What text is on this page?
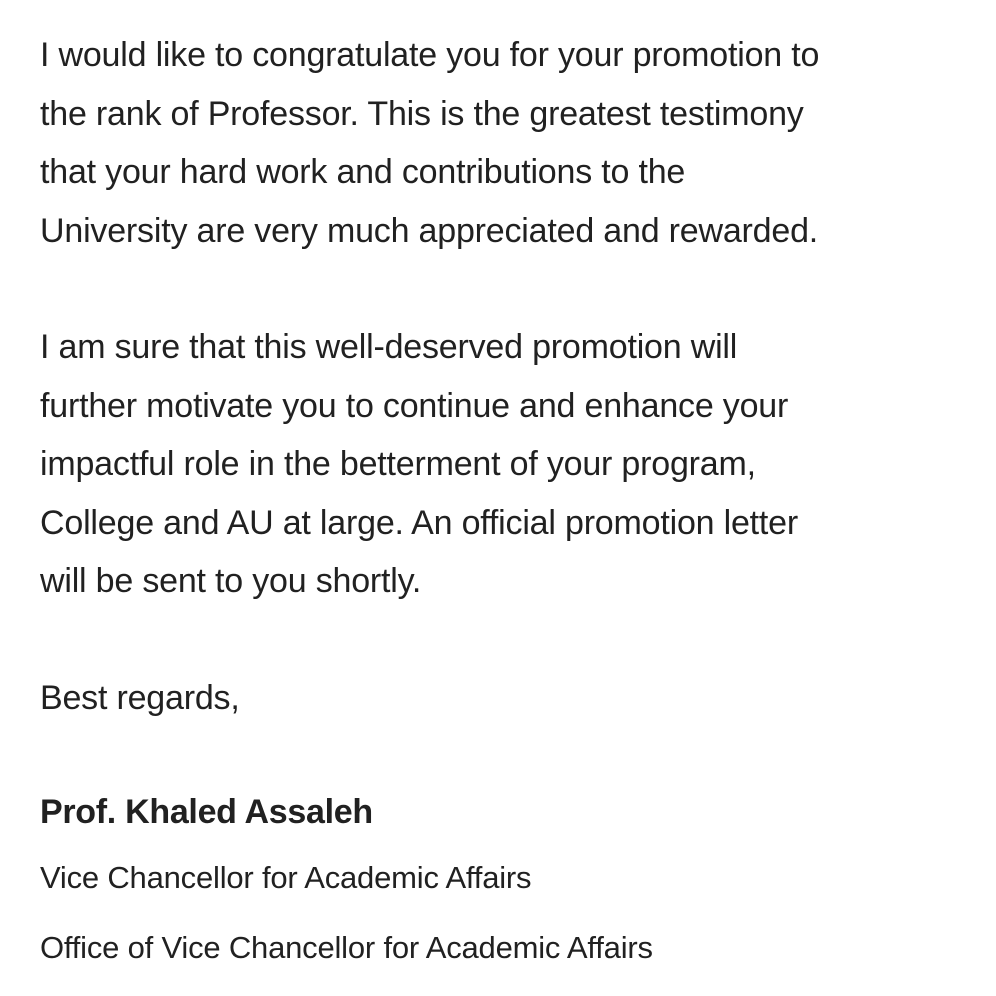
I would like to congratulate you for your promotion to
the rank of Professor. This is the greatest testimony
that your hard work and contributions to the
University are very much appreciated and rewarded.

I am sure that this well-deserved promotion will
further motivate you to continue and enhance your
impactful role in the betterment of your program,
College and AU at large. An official promotion letter
will be sent to you shortly.

Best regards,

Prof. Khaled Assaleh

Vice Chancellor for Academic Affairs

Office of Vice Chancellor for Academic Affairs
